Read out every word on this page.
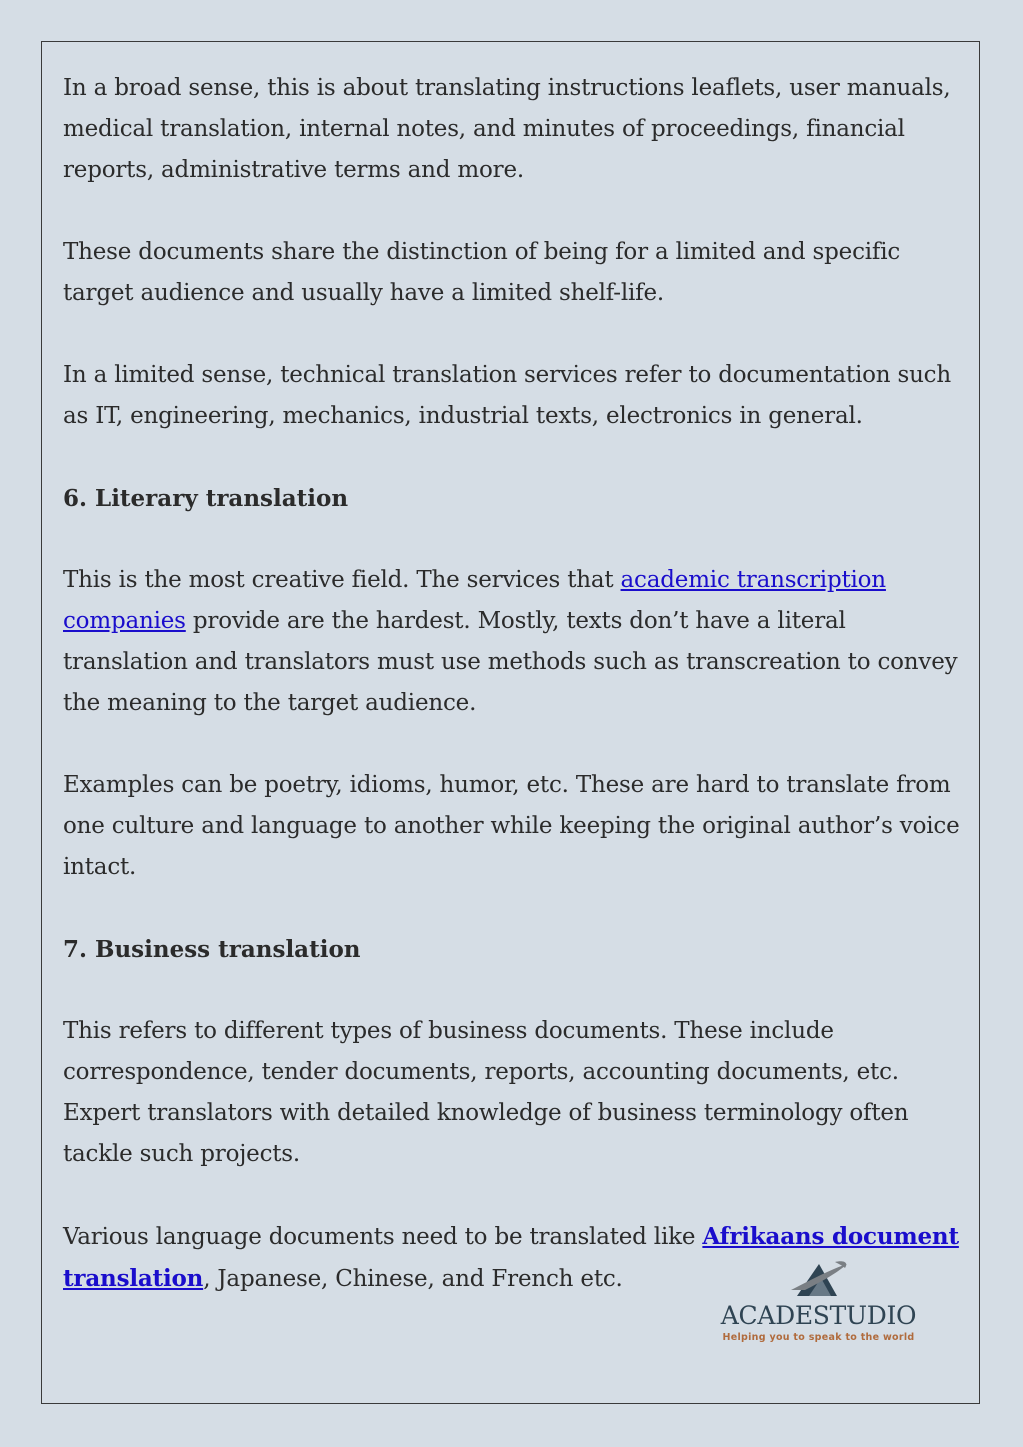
In a broad sense, this is about translating instructions leaflets, user manuals, medical translation, internal notes, and minutes of proceedings, financial reports, administrative terms and more.

These documents share the distinction of being for a limited and specific target audience and usually have a limited shelf-life.

In a limited sense, technical translation services refer to documentation such as IT, engineering, mechanics, industrial texts, electronics in general.

6. Literary translation

This is the most creative field. The services that academic transcription companies provide are the hardest. Mostly, texts don’t have a literal translation and translators must use methods such as transcreation to convey the meaning to the target audience.

Examples can be poetry, idioms, humor, etc. These are hard to translate from one culture and language to another while keeping the original author’s voice intact.

7. Business translation

This refers to different types of business documents. These include correspondence, tender documents, reports, accounting documents, etc. Expert translators with detailed knowledge of business terminology often tackle such projects.

Various language documents need to be translated like Afrikaans document translation, Japanese, Chinese, and French etc.

ACADESTUDIO
Helping you to speak to the world
